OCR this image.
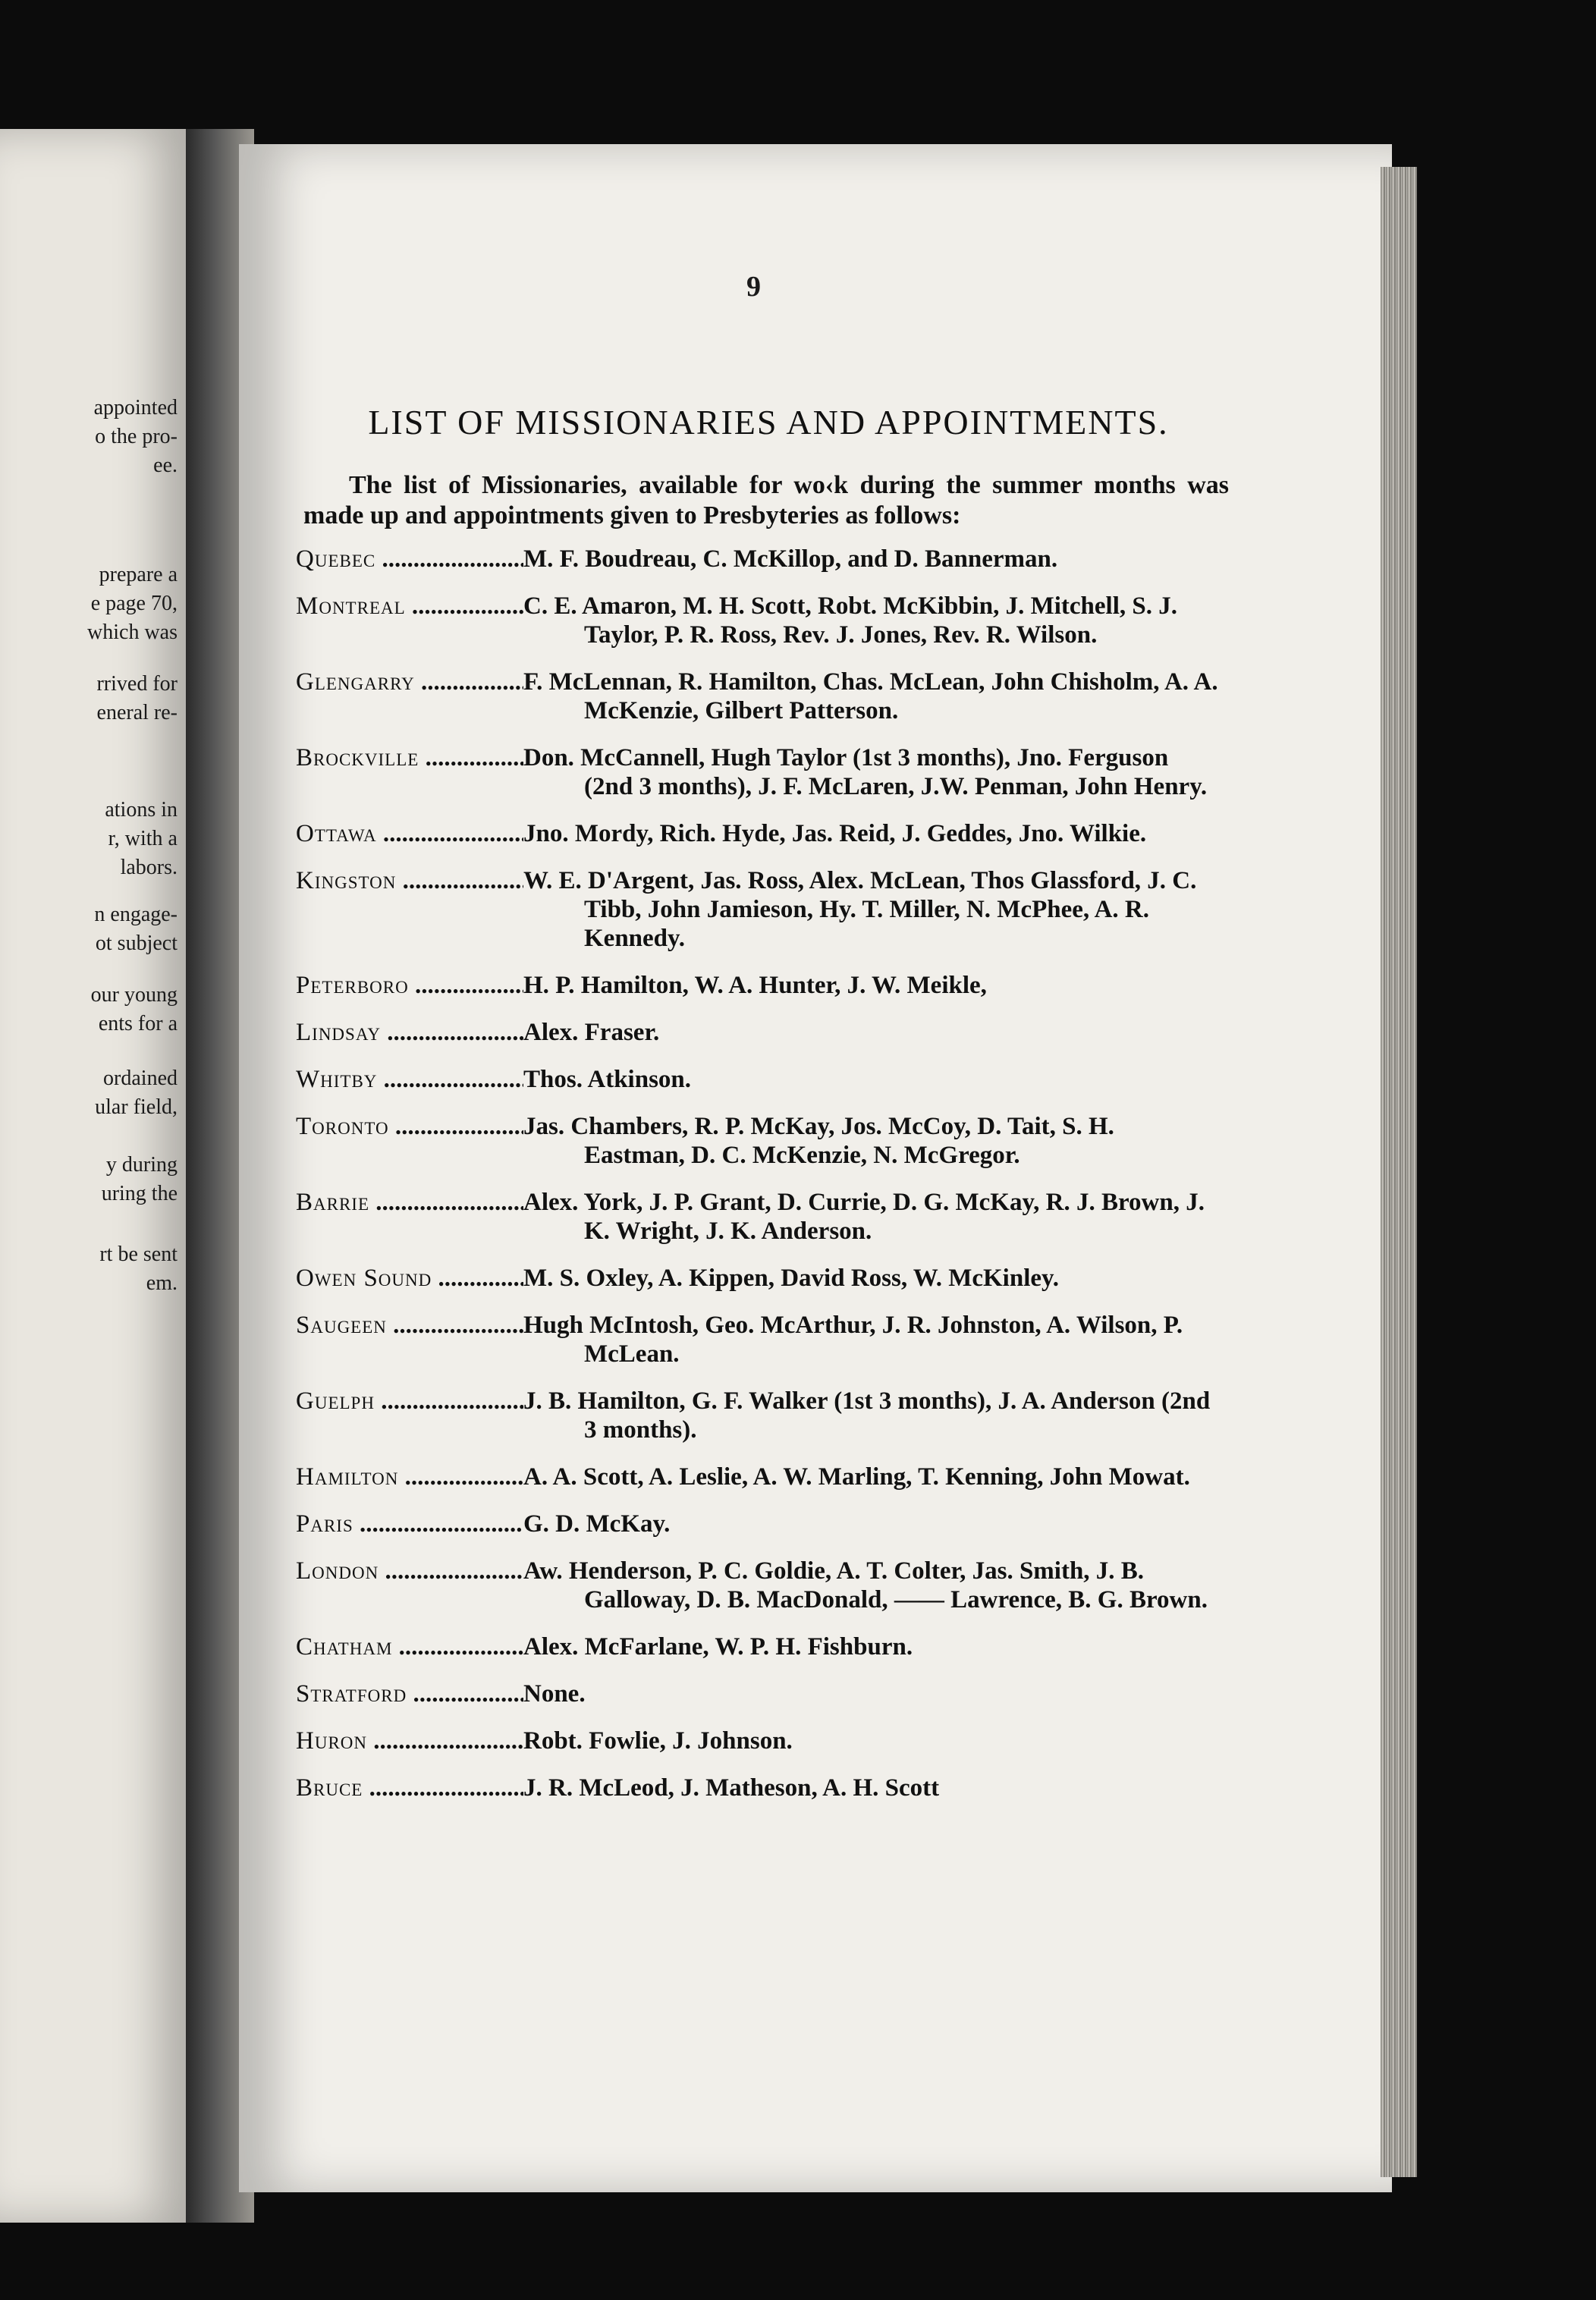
appointed
o the pro-
ee.
prepare a
e page 70,
which was
rrived for
eneral re-
ations in
r, with a
labors.
n engage-
ot subject
our young
ents for a
ordained
ular field,
y during
uring the
rt be sent
em.
9
LIST OF MISSIONARIES AND APPOINTMENTS.
The list of Missionaries, available for wo‹k during the summer months was made up and appointments given to Presbyteries as follows:
Quebec .....	M. F. Boudreau, C. McKillop, and D. Bannerman.
Montreal .....	C. E. Amaron, M. H. Scott, Robt. McKibbin, J. Mitchell, S. J. Taylor, P. R. Ross, Rev. J. Jones, Rev. R. Wilson.
Glengarry .....	F. McLennan, R. Hamilton, Chas. McLean, John Chisholm, A. A. McKenzie, Gilbert Patterson.
Brockville .....	Don. McCannell, Hugh Taylor (1st 3 months), Jno. Ferguson (2nd 3 months), J. F. McLaren, J.W. Penman, John Henry.
Ottawa .....	Jno. Mordy, Rich. Hyde, Jas. Reid, J. Geddes, Jno. Wilkie.
Kingston .....	W. E. D'Argent, Jas. Ross, Alex. McLean, Thos Glassford, J. C. Tibb, John Jamieson, Hy. T. Miller, N. McPhee, A. R. Kennedy.
Peterboro .....	H. P. Hamilton, W. A. Hunter, J. W. Meikle,
Lindsay .....	Alex. Fraser.
Whitby .....	Thos. Atkinson.
Toronto .....	Jas. Chambers, R. P. McKay, Jos. McCoy, D. Tait, S. H. Eastman, D. C. McKenzie, N. McGregor.
Barrie .....	Alex. York, J. P. Grant, D. Currie, D. G. McKay, R. J. Brown, J. K. Wright, J. K. Anderson.
Owen Sound .....	M. S. Oxley, A. Kippen, David Ross, W. McKinley.
Saugeen .....	Hugh McIntosh, Geo. McArthur, J. R. Johnston, A. Wilson, P. McLean.
Guelph .....	J. B. Hamilton, G. F. Walker (1st 3 months), J. A. Anderson (2nd 3 months).
Hamilton .....	A. A. Scott, A. Leslie, A. W. Marling, T. Kenning, John Mowat.
Paris .....	G. D. McKay.
London .....	Aw. Henderson, P. C. Goldie, A. T. Colter, Jas. Smith, J. B. Galloway, D. B. MacDonald, —— Lawrence, B. G. Brown.
Chatham .....	Alex. McFarlane, W. P. H. Fishburn.
Stratford .....	None.
Huron .....	Robt. Fowlie, J. Johnson.
Bruce .....	J. R. McLeod, J. Matheson, A. H. Scott
